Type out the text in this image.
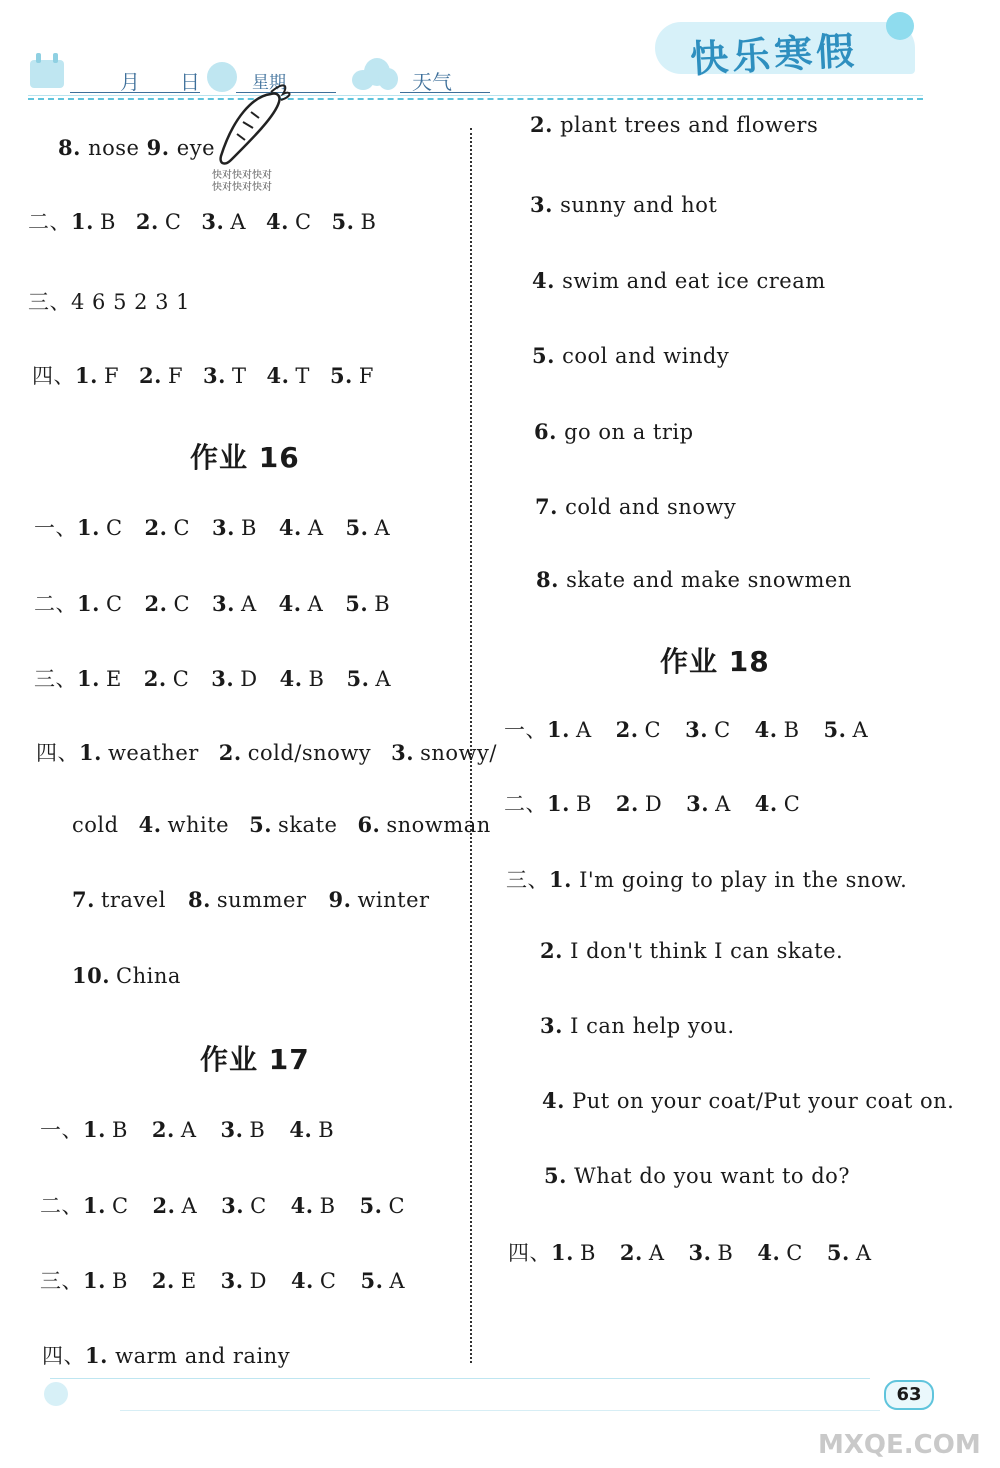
月 日	星期	天气
快乐寒假
快对快对快对
快对快对快对
8. nose 9. eye
二、1. B 2. C 3. A 4. C 5. B
三、4 6 5 2 3 1
四、1. F 2. F 3. T 4. T 5. F
作业 16
一、1. C 2. C 3. B 4. A 5. A
二、1. C 2. C 3. A 4. A 5. B
三、1. E 2. C 3. D 4. B 5. A
四、1. weather 2. cold/snowy 3. snowy/
cold 4. white 5. skate 6. snowman
7. travel 8. summer 9. winter
10. China
作业 17
一、1. B 2. A 3. B 4. B
二、1. C 2. A 3. C 4. B 5. C
三、1. B 2. E 3. D 4. C 5. A
四、1. warm and rainy
2. plant trees and flowers
3. sunny and hot
4. swim and eat ice cream
5. cool and windy
6. go on a trip
7. cold and snowy
8. skate and make snowmen
作业 18
一、1. A 2. C 3. C 4. B 5. A
二、1. B 2. D 3. A 4. C
三、1. I'm going to play in the snow.
2. I don't think I can skate.
3. I can help you.
4. Put on your coat/Put your coat on.
5. What do you want to do?
四、1. B 2. A 3. B 4. C 5. A
63
MXQE.COM
